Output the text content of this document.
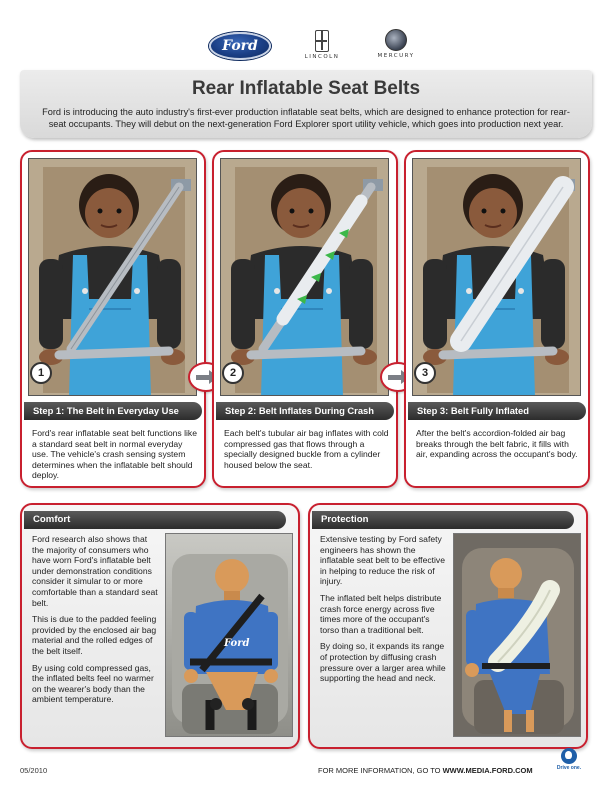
Ford
LINCOLN	MERCURY
Rear Inflatable Seat Belts

Ford is introducing the auto industry's first-ever production inflatable seat belts, which are designed to enhance protection for rear-seat occupants. They will debut on the next-generation Ford Explorer sport utility vehicle, which goes into production next year.

1
Step 1: The Belt in Everyday Use

Ford's rear inflatable seat belt functions like a standard seat belt in normal everyday use. The vehicle's crash sensing system determines when the inflatable belt should deploy.

2
Step 2: Belt Inflates During Crash

Each belt's tubular air bag inflates with cold compressed gas that flows through a specially designed buckle from a cylinder housed below the seat.

3
Step 3: Belt Fully Inflated

After the belt's accordion-folded air bag breaks through the belt fabric, it fills with air, expanding across the occupant's body.

Comfort

Ford research also shows that the majority of consumers who have worn Ford's inflatable belt under demonstration conditions consider it simular to or more comfortable than a standard seat belt.

This is due to the padded feeling provided by the enclosed air bag material and the rolled edges of the belt itself.

By using cold compressed gas, the inflated belts feel no warmer on the wearer's body than the ambient temperature.

Ford
Protection

Extensive testing by Ford safety engineers has shown the inflatable seat belt to be effective in helping to reduce the risk of injury.

The inflated belt helps distribute crash force energy across five times more of the occupant's torso than a traditional belt.

By doing so, it expands its range of protection by diffusing crash pressure over a larger area while supporting the head and neck.

05/2010	FOR MORE INFORMATION, GO TO WWW.MEDIA.FORD.COM	Drive one.
